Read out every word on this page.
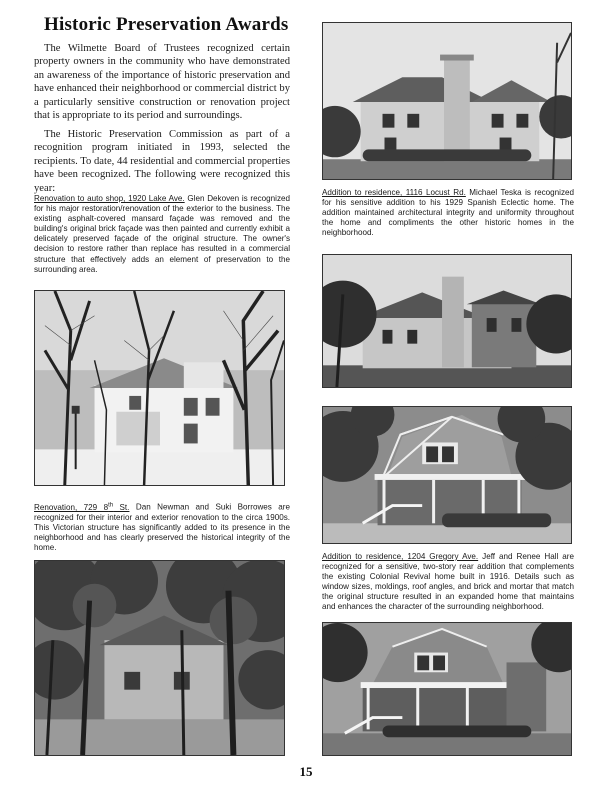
Historic Preservation Awards

The Wilmette Board of Trustees recognized certain property owners in the community who have demonstrated an awareness of the importance of historic preservation and have enhanced their neighborhood or commercial district by a particularly sensitive construction or renovation project that is appropriate to its period and surroundings.

The Historic Preservation Commission as part of a recognition program initiated in 1993, selected the recipients. To date, 44 residential and commercial properties have been recognized. The following were recognized this year:

Renovation to auto shop, 1920 Lake Ave. Glen Dekoven is recognized for his major restoration/renovation of the exterior to the business. The existing asphalt-covered mansard façade was removed and the building's original brick façade was then painted and currently exhibit a delicately preserved façade of the original structure. The owner's decision to restore rather than replace has resulted in a commercial structure that effectively adds an element of preservation to the surrounding area.

Renovation, 729 8th St. Dan Newman and Suki Borrowes are recognized for their interior and exterior renovation to the circa 1900s. This Victorian structure has significantly added to its presence in the neighborhood and has clearly preserved the historical integrity of the home.

Addition to residence, 1116 Locust Rd. Michael Teska is recognized for his sensitive addition to his 1929 Spanish Eclectic home. The addition maintained architectural integrity and uniformity throughout the home and compliments the other historic homes in the neighborhood.

Addition to residence, 1204 Gregory Ave. Jeff and Renee Hall are recognized for a sensitive, two-story rear addition that complements the existing Colonial Revival home built in 1916. Details such as window sizes, moldings, roof angles, and brick and mortar that match the original structure resulted in an expanded home that maintains and enhances the character of the surrounding neighborhood.

15
